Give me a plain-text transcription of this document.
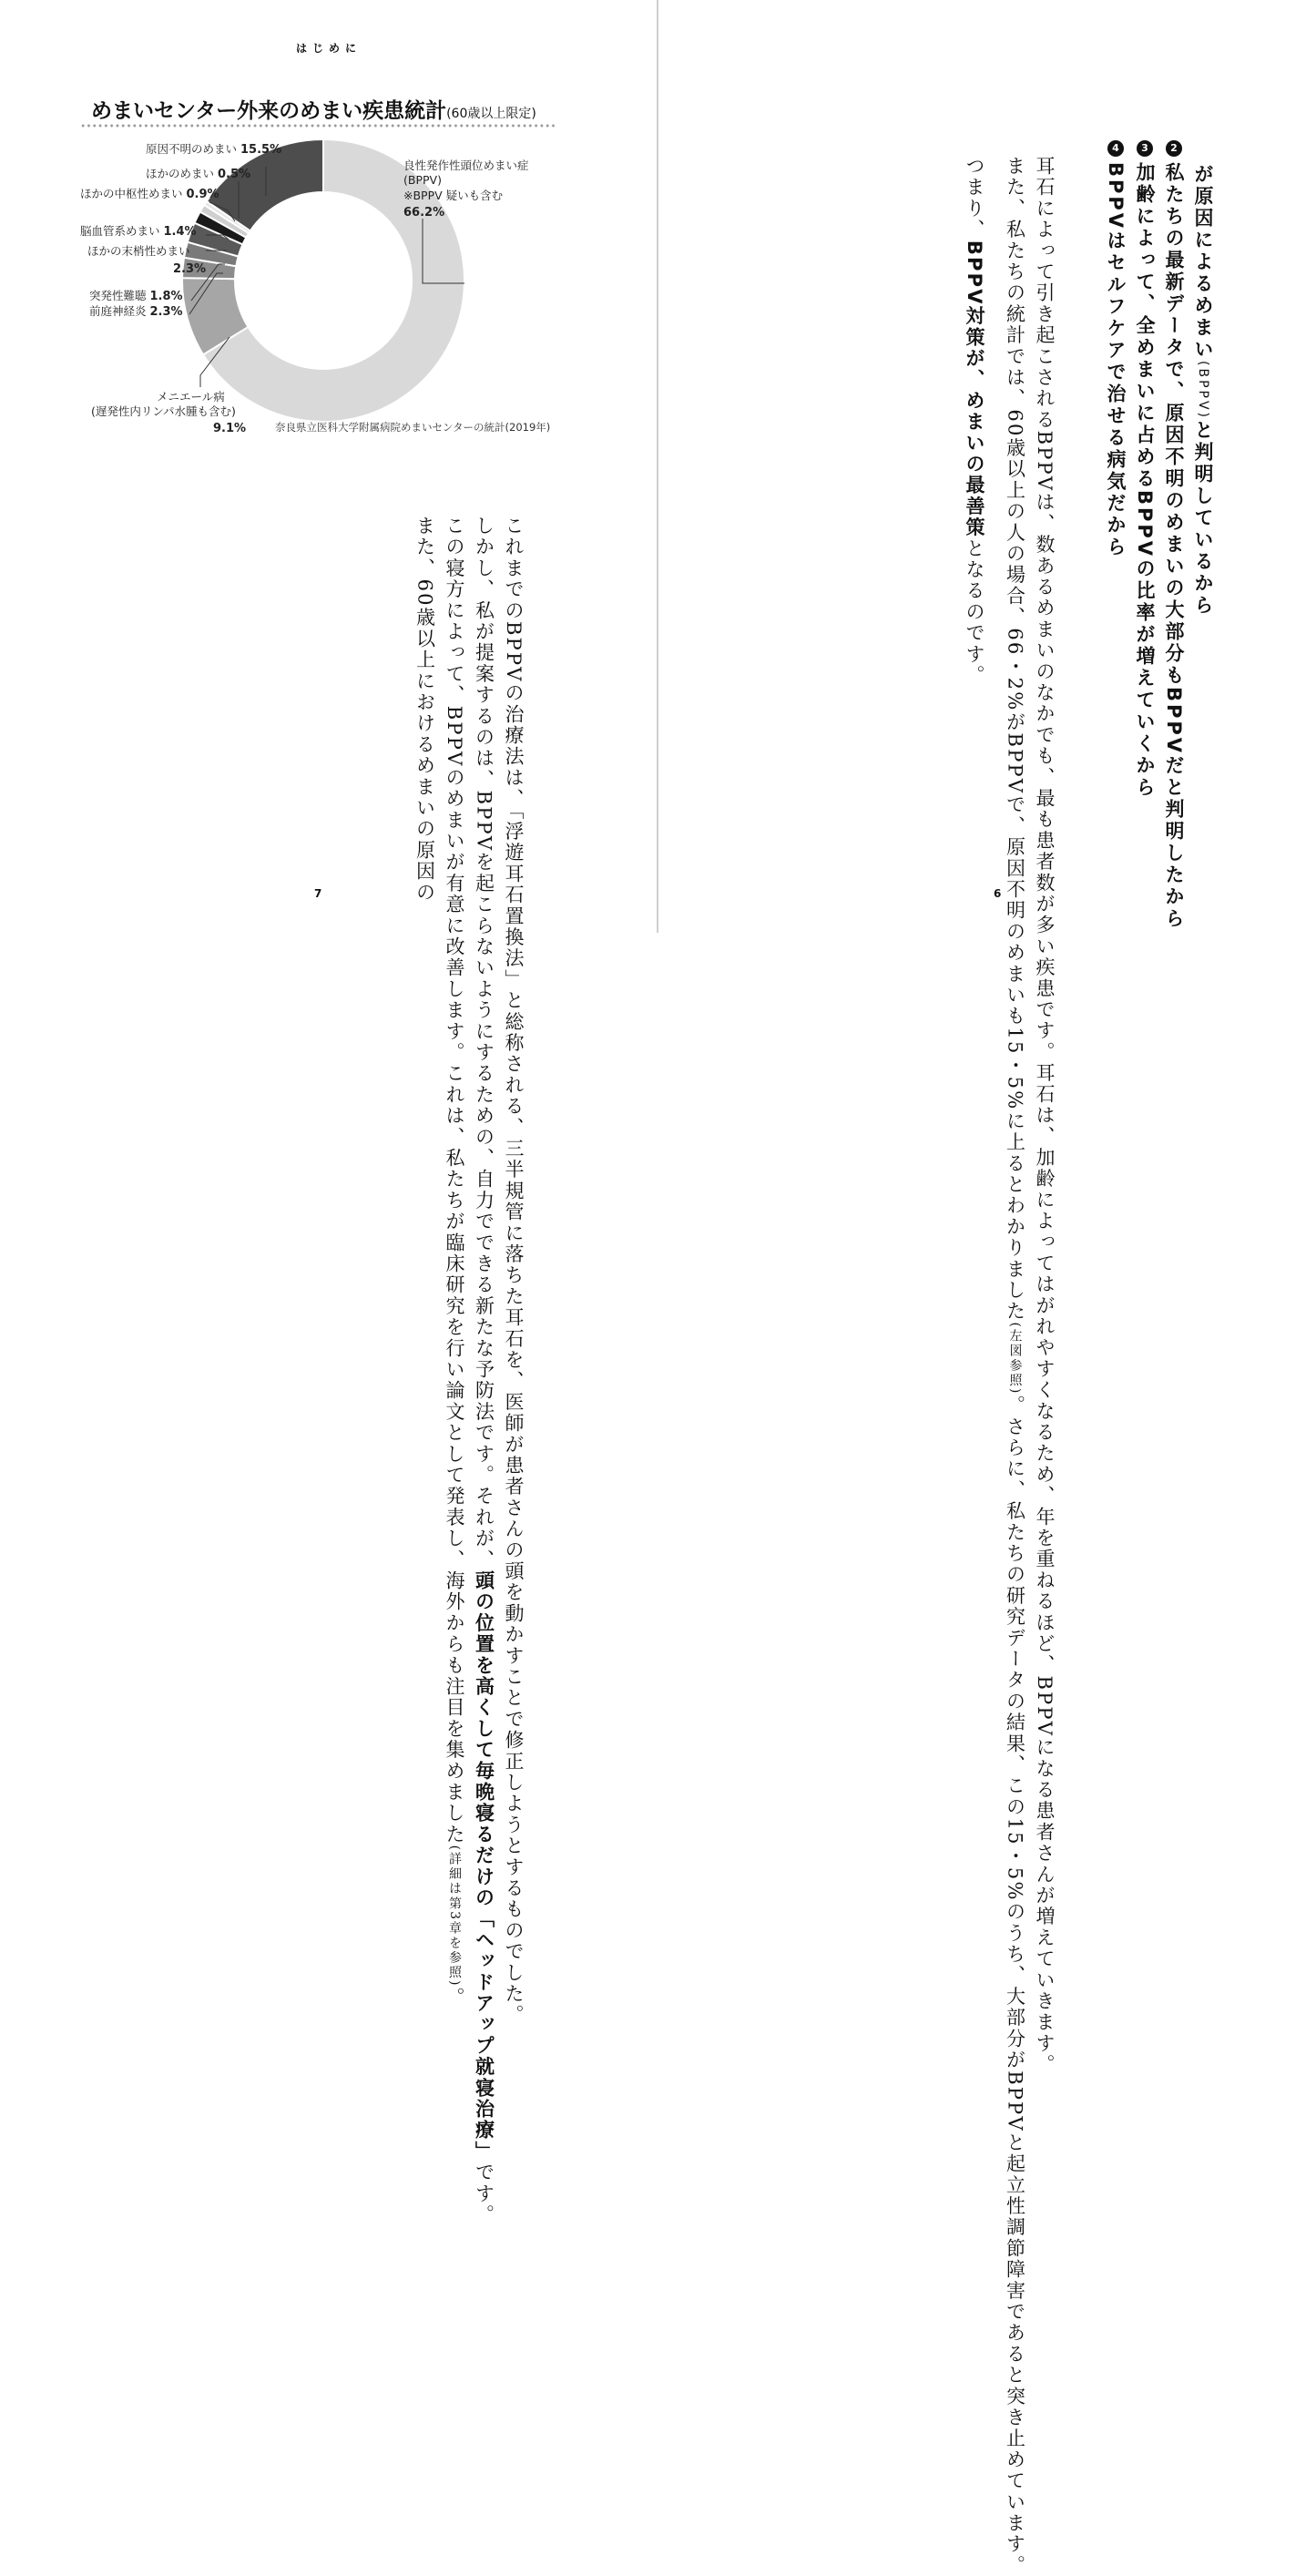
はじめに
めまいセンター外来のめまい疾患統計(60歳以上限定)
原因不明のめまい 15.5%
ほかのめまい 0.5%
ほかの中枢性めまい 0.9%
脳血管系めまい 1.4%
ほかの末梢性めまい
2.3%
突発性難聴 1.8%
前庭神経炎 2.3%
メニエール病
(遅発性内リンパ水腫も含む)
9.1%
良性発作性頭位めまい症
(BPPV)
※BPPV 疑いも含む
66.2%
奈良県立医科大学附属病院めまいセンターの統計(2019年)

これまでのBPPVの治療法は、「浮遊耳石置換法」と総称される、三半規管に落ちた耳石を、医師が患者さんの頭を動かすことで修正しようとするものでした。

しかし、私が提案するのは、BPPVを起こらないようにするための、自力でできる新たな予防法です。それが、頭の位置を高くして毎晩寝るだけの「ヘッドアップ就寝治療」です。

この寝方によって、BPPVのめまいが有意に改善します。これは、私たちが臨床研究を行い論文として発表し、海外からも注目を集めました(詳細は第3章を参照)。

また、60歳以上におけるめまいの原因の

7

が原因によるめまい(BPPV)と判明しているから

2私たちの最新データで、原因不明のめまいの大部分もBPPVだと判明したから

3加齢によって、全めまいに占めるBPPVの比率が増えていくから

4BPPVはセルフケアで治せる病気だから

耳石によって引き起こされるBPPVは、数あるめまいのなかでも、最も患者数が多い疾患です。耳石は、加齢によってはがれやすくなるため、年を重ねるほど、BPPVになる患者さんが増えていきます。

また、私たちの統計では、60歳以上の人の場合、66・2%がBPPVで、原因不明のめまいも15・5%に上るとわかりました(左図参照)。さらに、私たちの研究データの結果、この15・5%のうち、大部分がBPPVと起立性調節障害であると突き止めています。

つまり、BPPV対策が、めまいの最善策となるのです。

6
